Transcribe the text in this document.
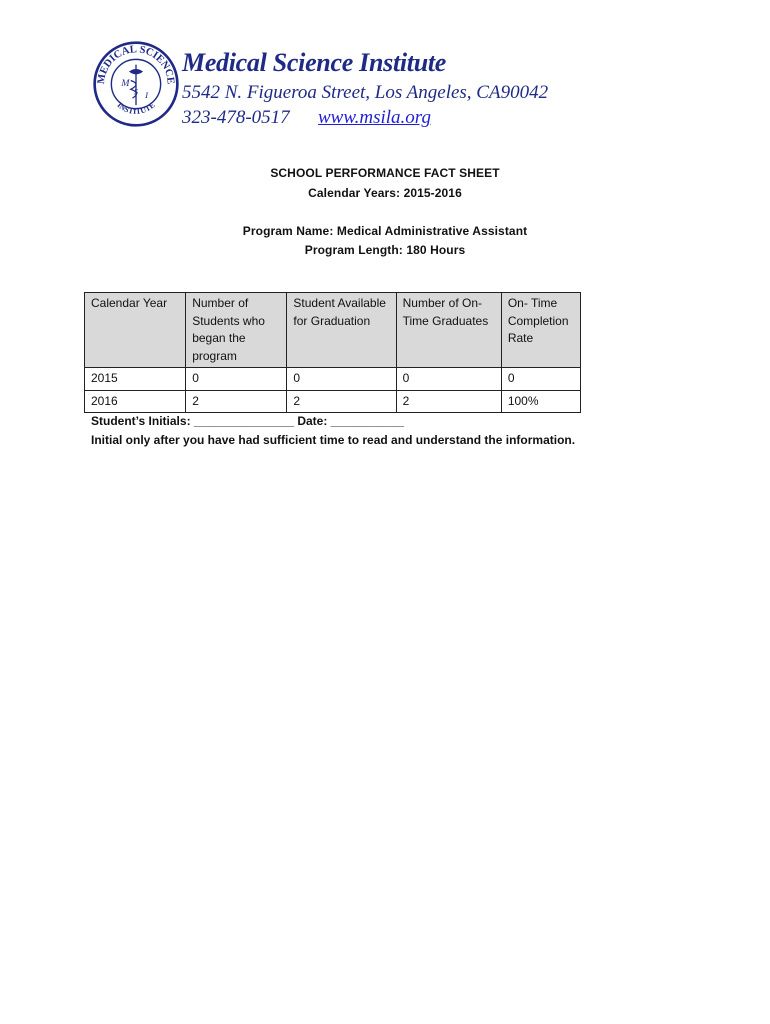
MEDICAL SCIENCE
INSTITUTE
M
S I
Medical Science Institute
5542 N. Figueroa Street, Los Angeles, CA90042
323-478-0517 www.msila.org
SCHOOL PERFORMANCE FACT SHEET
Calendar Years: 2015-2016
Program Name: Medical Administrative Assistant
Program Length: 180 Hours
Calendar Year	Number of Students who began the program	Student Available for Graduation	Number of On-Time Graduates	On- Time Completion Rate
2015	0	0	0	0
2016	2	2	2	100%
Student’s Initials: _______________ Date: ___________
Initial only after you have had sufficient time to read and understand the information.
